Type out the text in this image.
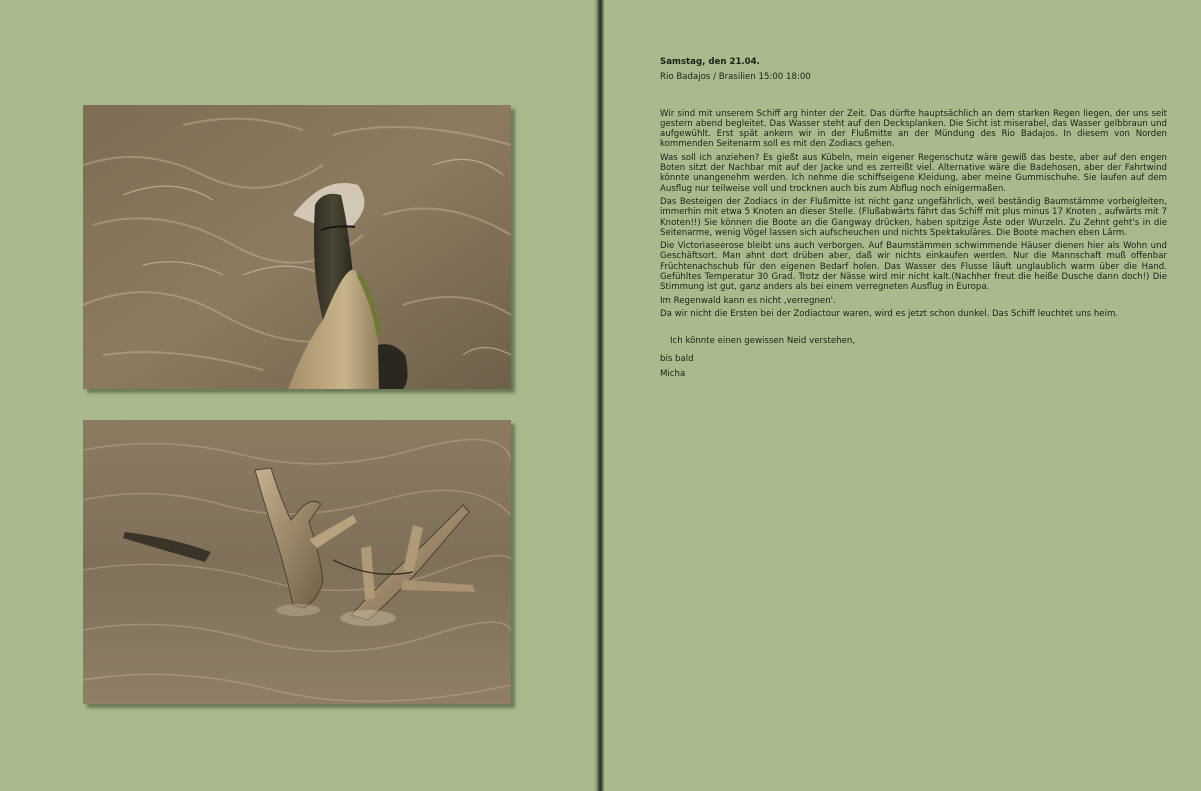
Samstag, den 21.04.
Rio Badajos / Brasilien 15:00 18:00
Wir sind mit unserem Schiff arg hinter der Zeit. Das dürfte hauptsächlich an dem starken Regen liegen, der uns seit gestern abend begleitet. Das Wasser steht auf den Decksplanken. Die Sicht ist miserabel, das Wasser gelbbraun und aufgewühlt. Erst spät ankern wir in der Flußmitte an der Mündung des Rio Badajos. In diesem von Norden kommenden Seitenarm soll es mit den Zodiacs gehen.
Was soll ich anziehen? Es gießt aus Kübeln, mein eigener Regenschutz wäre gewiß das beste, aber auf den engen Boten sitzt der Nachbar mit auf der Jacke und es zerreißt viel. Alternative wäre die Badehosen, aber der Fahrtwind könnte unangenehm werden. Ich nehme die schiffseigene Kleidung, aber meine Gummischuhe. Sie laufen auf dem Ausflug nur teilweise voll und trocknen auch bis zum Abflug noch einigermaßen.
Das Besteigen der Zodiacs in der Flußmitte ist nicht ganz ungefährlich, weil beständig Baumstämme vorbeigleiten, immerhin mit etwa 5 Knoten an dieser Stelle. (Flußabwärts fährt das Schiff mit plus minus 17 Knoten , aufwärts mit 7 Knoten!!) Sie können die Boote an die Gangway drücken, haben spitzige Äste oder Wurzeln. Zu Zehnt geht's in die Seitenarme, wenig Vögel lassen sich aufscheuchen und nichts Spektakuläres. Die Boote machen eben Lärm.
Die Victoriaseerose bleibt uns auch verborgen. Auf Baumstämmen schwimmende Häuser dienen hier als Wohn und Geschäftsort. Man ahnt dort drüben aber, daß wir nichts einkaufen werden. Nur die Mannschaft muß offenbar Früchtenachschub für den eigenen Bedarf holen. Das Wasser des Flusse läuft unglaublich warm über die Hand. Gefühltes Temperatur 30 Grad. Trotz der Nässe wird mir nicht kalt.(Nachher freut die heiße Dusche dann doch!) Die Stimmung ist gut, ganz anders als bei einem verregneten Ausflug in Europa.
Im Regenwald kann es nicht ,verregnen'.
Da wir nicht die Ersten bei der Zodiactour waren, wird es jetzt schon dunkel. Das Schiff leuchtet uns heim.
Ich könnte einen gewissen Neid verstehen,
bis bald
Micha
